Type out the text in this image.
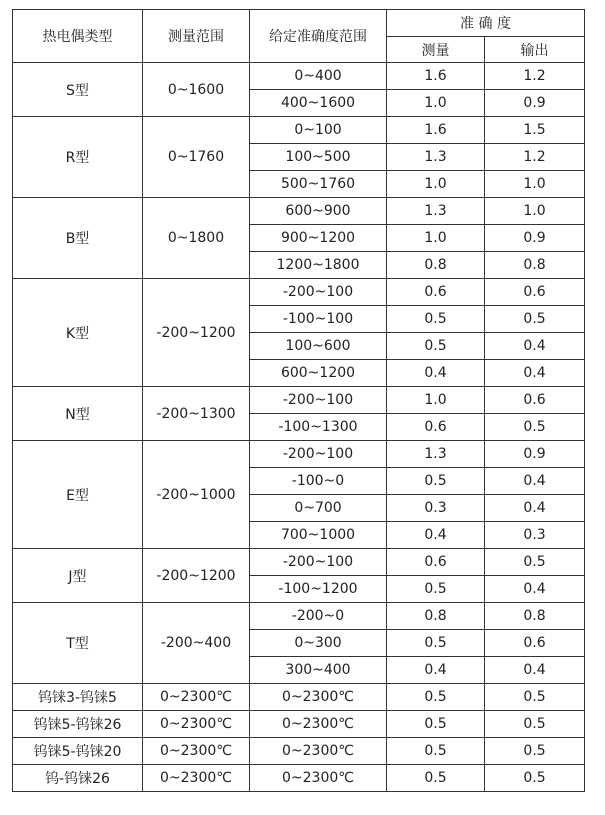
热电偶类型	测量范围	给定准确度范围	准 确 度	
			测量	输出
S型	0~1600	0~400	1.6	1.2
		400~1600	1.0	0.9
R型	0~1760	0~100	1.6	1.5
		100~500	1.3	1.2
		500~1760	1.0	1.0
B型	0~1800	600~900	1.3	1.0
		900~1200	1.0	0.9
		1200~1800	0.8	0.8
K型	-200~1200	-200~100	0.6	0.6
		-100~100	0.5	0.5
		100~600	0.5	0.4
		600~1200	0.4	0.4
N型	-200~1300	-200~100	1.0	0.6
		-100~1300	0.6	0.5
E型	-200~1000	-200~100	1.3	0.9
		-100~0	0.5	0.4
		0~700	0.3	0.4
		700~1000	0.4	0.3
J型	-200~1200	-200~100	0.6	0.5
		-100~1200	0.5	0.4
T型	-200~400	-200~0	0.8	0.8
		0~300	0.5	0.6
		300~400	0.4	0.4
钨铼3-钨铼5	0~2300℃	0~2300℃	0.5	0.5
钨铼5-钨铼26	0~2300℃	0~2300℃	0.5	0.5
钨铼5-钨铼20	0~2300℃	0~2300℃	0.5	0.5
钨-钨铼26	0~2300℃	0~2300℃	0.5	0.5
